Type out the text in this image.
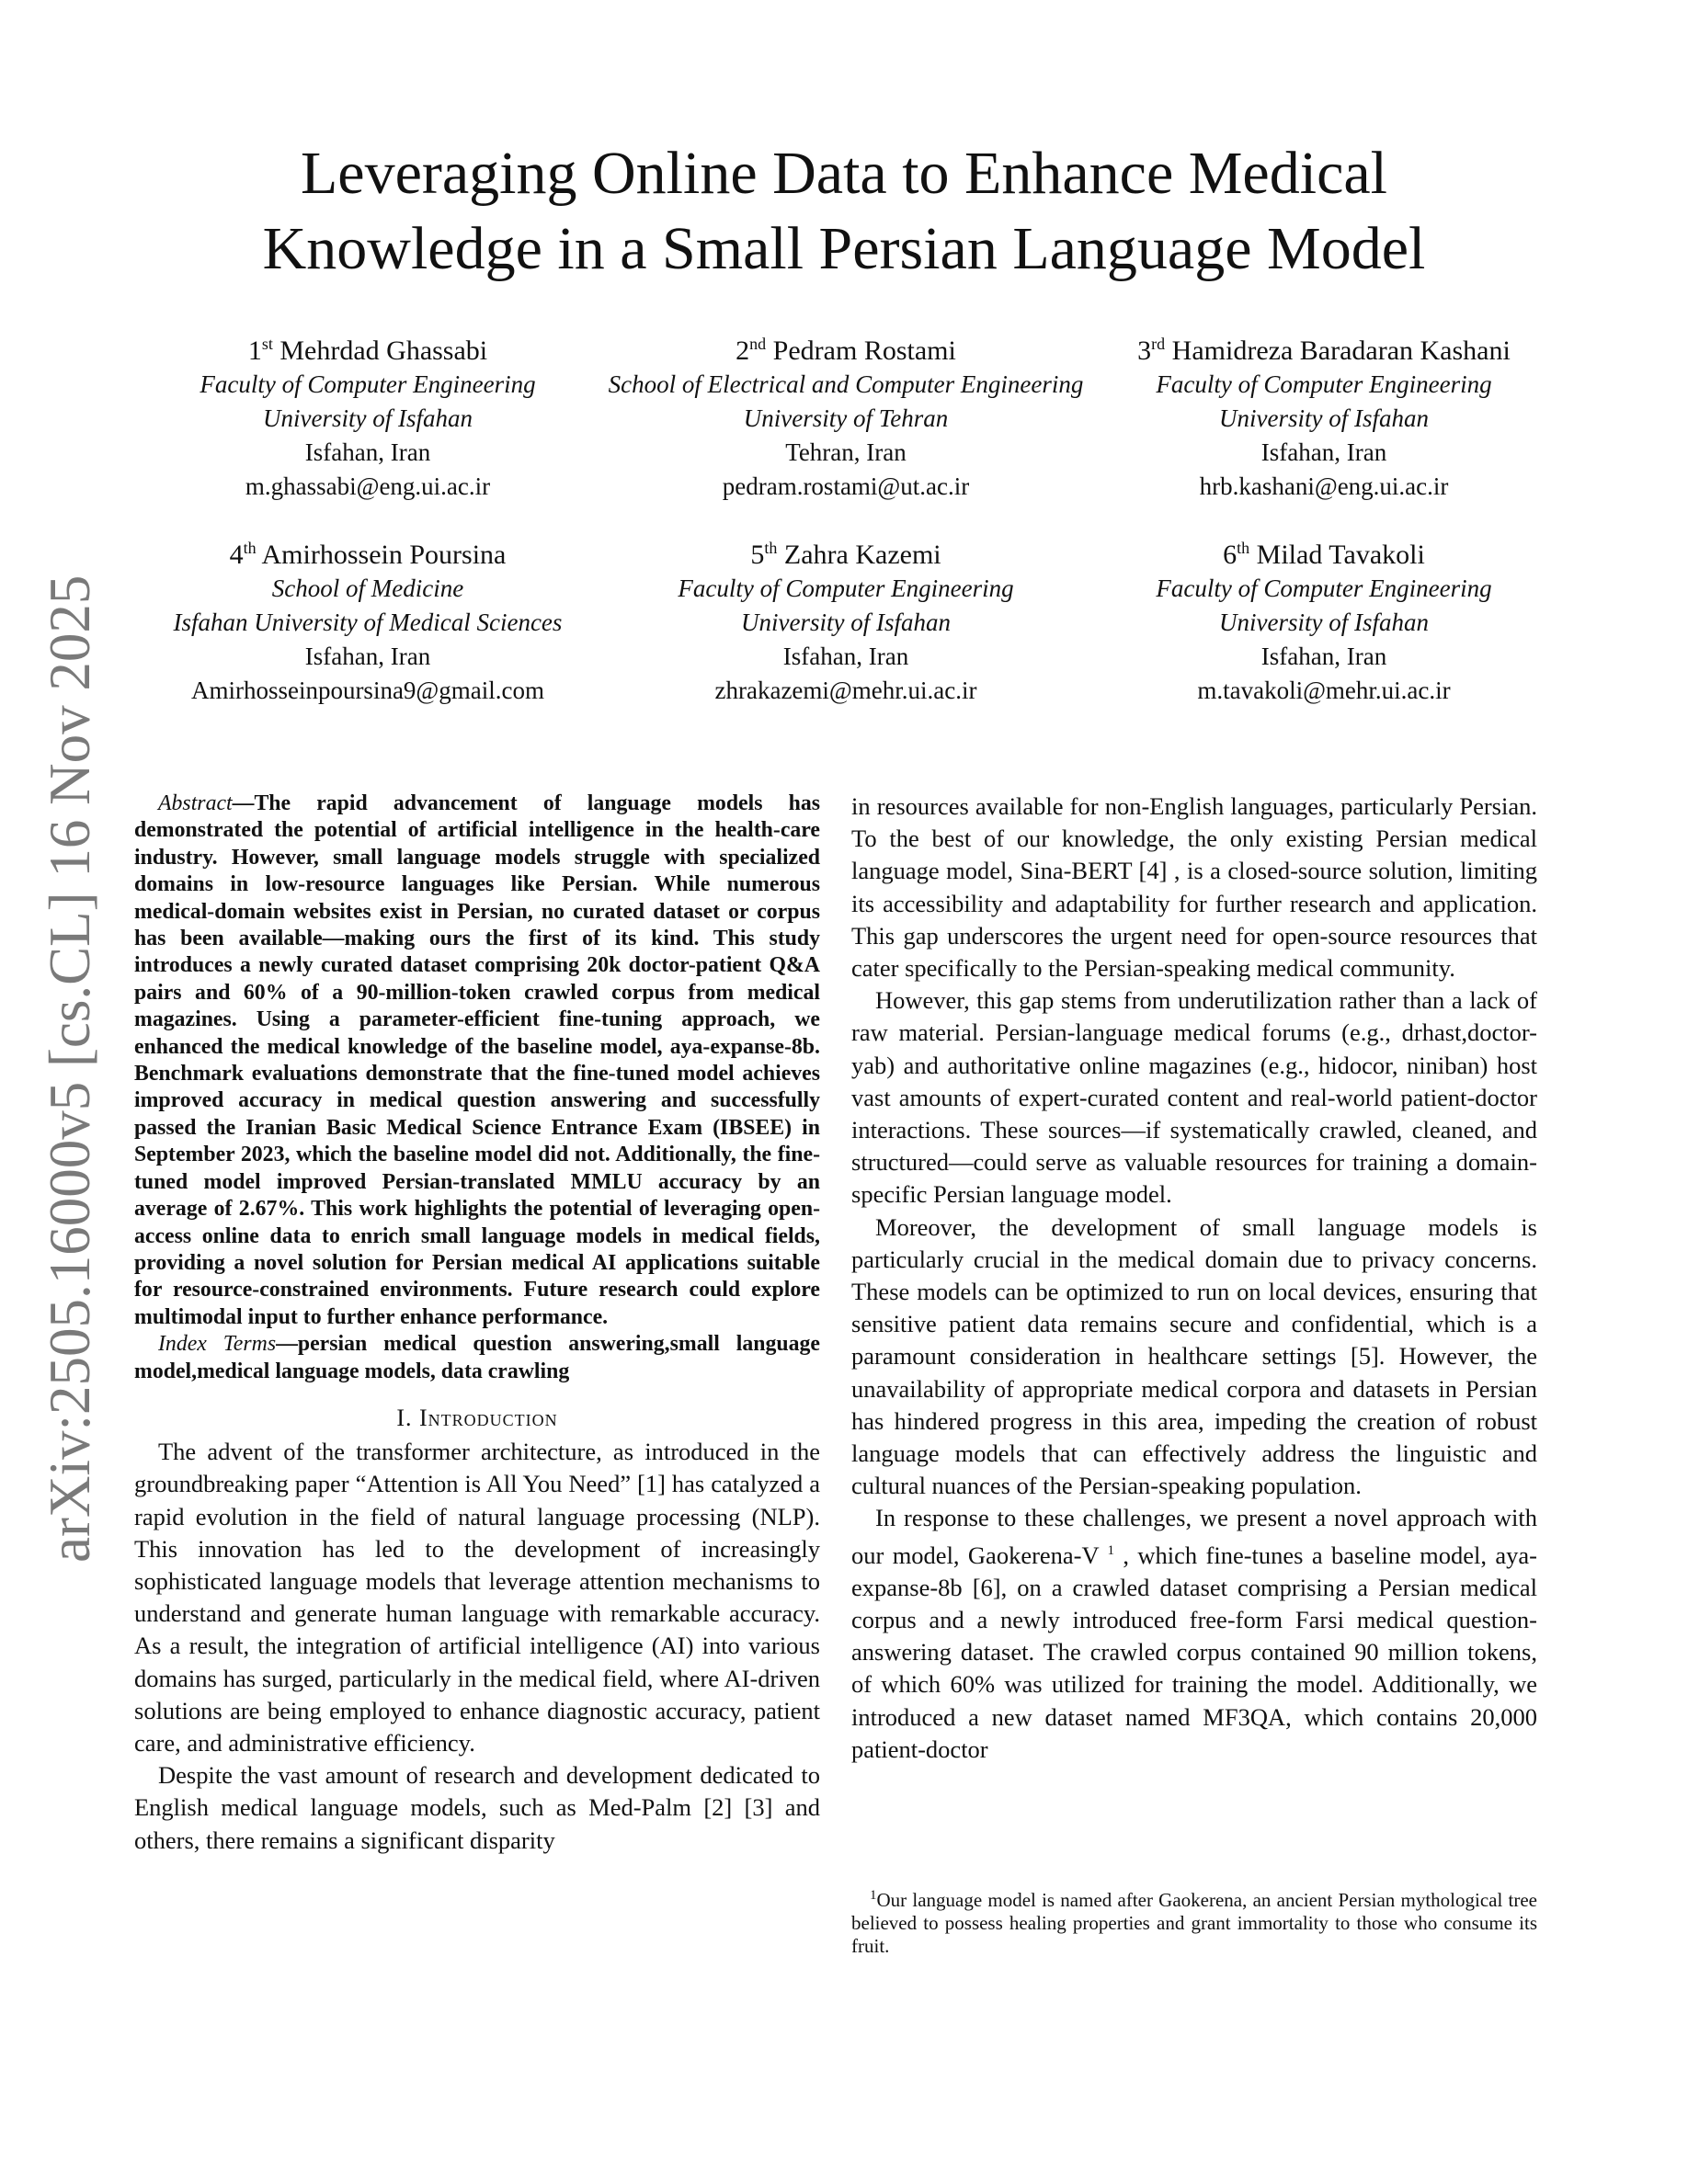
Leveraging Online Data to Enhance Medical
Knowledge in a Small Persian Language Model
1st Mehrdad Ghassabi
Faculty of Computer Engineering
University of Isfahan
Isfahan, Iran
m.ghassabi@eng.ui.ac.ir
2nd Pedram Rostami
School of Electrical and Computer Engineering
University of Tehran
Tehran, Iran
pedram.rostami@ut.ac.ir
3rd Hamidreza Baradaran Kashani
Faculty of Computer Engineering
University of Isfahan
Isfahan, Iran
hrb.kashani@eng.ui.ac.ir
4th Amirhossein Poursina
School of Medicine
Isfahan University of Medical Sciences
Isfahan, Iran
Amirhosseinpoursina9@gmail.com
5th Zahra Kazemi
Faculty of Computer Engineering
University of Isfahan
Isfahan, Iran
zhrakazemi@mehr.ui.ac.ir
6th Milad Tavakoli
Faculty of Computer Engineering
University of Isfahan
Isfahan, Iran
m.tavakoli@mehr.ui.ac.ir
arXiv:2505.16000v5 [cs.CL] 16 Nov 2025	Abstract—The rapid advancement of language models has demonstrated the potential of artificial intelligence in the health-care industry. However, small language models struggle with specialized domains in low-resource languages like Persian. While numerous medical-domain websites exist in Persian, no curated dataset or corpus has been available—making ours the first of its kind. This study introduces a newly curated dataset comprising 20k doctor-patient Q&A pairs and 60% of a 90-million-token crawled corpus from medical magazines. Using a parameter-efficient fine-tuning approach, we enhanced the medical knowledge of the baseline model, aya-expanse-8b. Benchmark evaluations demonstrate that the fine-tuned model achieves improved accuracy in medical question answering and successfully passed the Iranian Basic Medical Science Entrance Exam (IBSEE) in September 2023, which the baseline model did not. Additionally, the fine-tuned model improved Persian-translated MMLU accuracy by an average of 2.67%. This work highlights the potential of leveraging open-access online data to enrich small language models in medical fields, providing a novel solution for Persian medical AI applications suitable for resource-constrained environments. Future research could explore multimodal input to further enhance performance.
Index Terms—persian medical question answering,small language model,medical language models, data crawling
I. Introduction

The advent of the transformer architecture, as introduced in the groundbreaking paper “Attention is All You Need” [1] has catalyzed a rapid evolution in the field of natural language processing (NLP). This innovation has led to the development of increasingly sophisticated language models that leverage attention mechanisms to understand and generate human language with remarkable accuracy. As a result, the integration of artificial intelligence (AI) into various domains has surged, particularly in the medical field, where AI-driven solutions are being employed to enhance diagnostic accuracy, patient care, and administrative efficiency.

Despite the vast amount of research and development dedicated to English medical language models, such as Med-Palm [2] [3] and others, there remains a significant disparity

in resources available for non-English languages, particularly Persian. To the best of our knowledge, the only existing Persian medical language model, Sina-BERT [4] , is a closed-source solution, limiting its accessibility and adaptability for further research and application. This gap underscores the urgent need for open-source resources that cater specifically to the Persian-speaking medical community.

However, this gap stems from underutilization rather than a lack of raw material. Persian-language medical forums (e.g., drhast,doctor-yab) and authoritative online magazines (e.g., hidocor, niniban) host vast amounts of expert-curated content and real-world patient-doctor interactions. These sources—if systematically crawled, cleaned, and structured—could serve as valuable resources for training a domain-specific Persian language model.

Moreover, the development of small language models is particularly crucial in the medical domain due to privacy concerns. These models can be optimized to run on local devices, ensuring that sensitive patient data remains secure and confidential, which is a paramount consideration in healthcare settings [5]. However, the unavailability of appropriate medical corpora and datasets in Persian has hindered progress in this area, impeding the creation of robust language models that can effectively address the linguistic and cultural nuances of the Persian-speaking population.

In response to these challenges, we present a novel approach with our model, Gaokerena-V $^1$ , which fine-tunes a baseline model, aya-expanse-8b [6], on a crawled dataset comprising a Persian medical corpus and a newly introduced free-form Farsi medical question-answering dataset. The crawled corpus contained 90 million tokens, of which 60% was utilized for training the model. Additionally, we introduced a new dataset named MF3QA, which contains 20,000 patient-doctor

$^1$Our language model is named after Gaokerena, an ancient Persian mythological tree believed to possess healing properties and grant immortality to those who consume its fruit.
